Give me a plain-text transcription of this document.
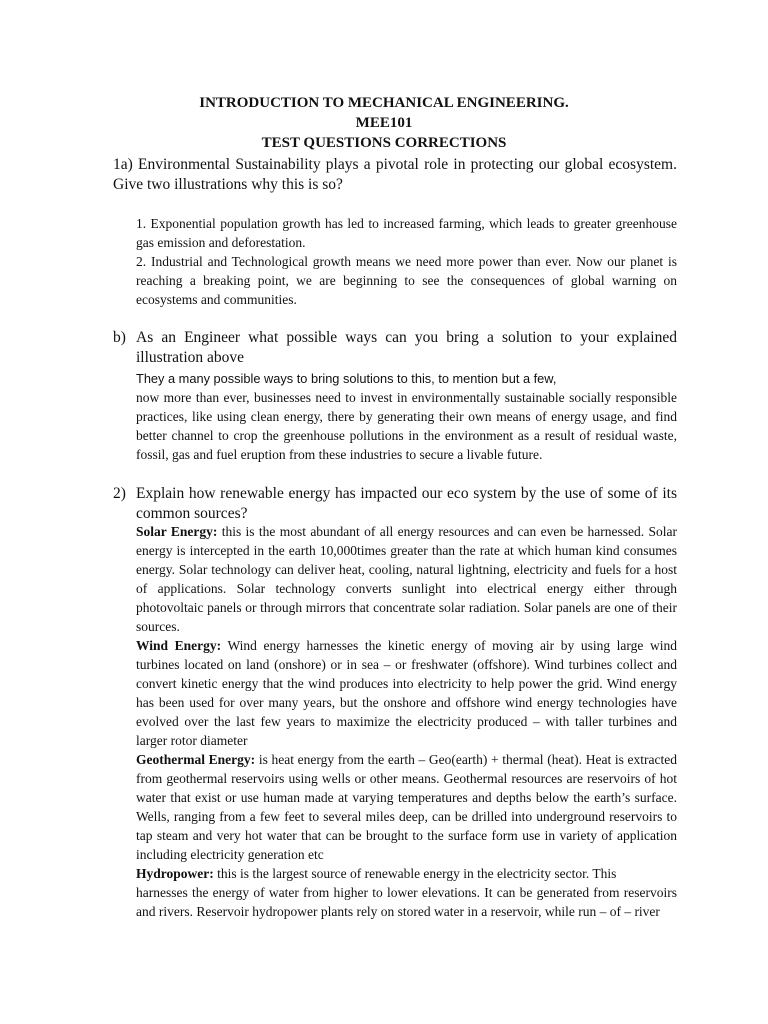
INTRODUCTION TO MECHANICAL ENGINEERING.
MEE101
TEST QUESTIONS CORRECTIONS
1a) Environmental Sustainability plays a pivotal role in protecting our global ecosystem. Give two illustrations why this is so?
1. Exponential population growth has led to increased farming, which leads to greater greenhouse gas emission and deforestation.
2. Industrial and Technological growth means we need more power than ever. Now our planet is reaching a breaking point, we are beginning to see the consequences of global warning on ecosystems and communities.
b) As an Engineer what possible ways can you bring a solution to your explained illustration above
They a many possible ways to bring solutions to this, to mention but a few,
now more than ever, businesses need to invest in environmentally sustainable socially responsible practices, like using clean energy, there by generating their own means of energy usage, and find better channel to crop the greenhouse pollutions in the environment as a result of residual waste, fossil, gas and fuel eruption from these industries to secure a livable future.
2) Explain how renewable energy has impacted our eco system by the use of some of its common sources?
Solar Energy: this is the most abundant of all energy resources and can even be harnessed. Solar energy is intercepted in the earth 10,000times greater than the rate at which human kind consumes energy. Solar technology can deliver heat, cooling, natural lightning, electricity and fuels for a host of applications. Solar technology converts sunlight into electrical energy either through photovoltaic panels or through mirrors that concentrate solar radiation. Solar panels are one of their sources.
Wind Energy: Wind energy harnesses the kinetic energy of moving air by using large wind turbines located on land (onshore) or in sea – or freshwater (offshore). Wind turbines collect and convert kinetic energy that the wind produces into electricity to help power the grid. Wind energy has been used for over many years, but the onshore and offshore wind energy technologies have evolved over the last few years to maximize the electricity produced – with taller turbines and larger rotor diameter
Geothermal Energy: is heat energy from the earth – Geo(earth) + thermal (heat). Heat is extracted from geothermal reservoirs using wells or other means. Geothermal resources are reservoirs of hot water that exist or use human made at varying temperatures and depths below the earth’s surface. Wells, ranging from a few feet to several miles deep, can be drilled into underground reservoirs to tap steam and very hot water that can be brought to the surface form use in variety of application including electricity generation etc
Hydropower: this is the largest source of renewable energy in the electricity sector. This
harnesses the energy of water from higher to lower elevations. It can be generated from reservoirs and rivers. Reservoir hydropower plants rely on stored water in a reservoir, while run – of – river
